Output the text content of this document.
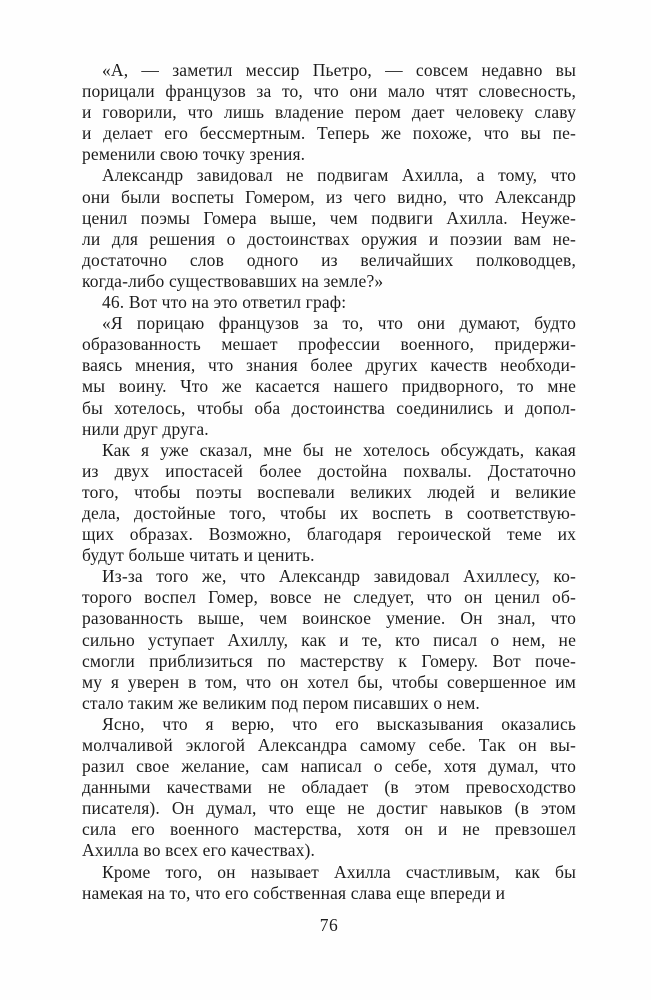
«А, — заметил мессир Пьетро, — совсем недавно вы
порицали французов за то, что они мало чтят словесность,
и говорили, что лишь владение пером дает человеку славу
и делает его бессмертным. Теперь же похоже, что вы пе-
ременили свою точку зрения.
Александр завидовал не подвигам Ахилла, а тому, что
они были воспеты Гомером, из чего видно, что Александр
ценил поэмы Гомера выше, чем подвиги Ахилла. Неуже-
ли для решения о достоинствах оружия и поэзии вам не-
достаточно слов одного из величайших полководцев,
когда-либо существовавших на земле?»
46. Вот что на это ответил граф:
«Я порицаю французов за то, что они думают, будто
образованность мешает профессии военного, придержи-
ваясь мнения, что знания более других качеств необходи-
мы воину. Что же касается нашего придворного, то мне
бы хотелось, чтобы оба достоинства соединились и допол-
нили друг друга.
Как я уже сказал, мне бы не хотелось обсуждать, какая
из двух ипостасей более достойна похвалы. Достаточно
того, чтобы поэты воспевали великих людей и великие
дела, достойные того, чтобы их воспеть в соответствую-
щих образах. Возможно, благодаря героической теме их
будут больше читать и ценить.
Из-за того же, что Александр завидовал Ахиллесу, ко-
торого воспел Гомер, вовсе не следует, что он ценил об-
разованность выше, чем воинское умение. Он знал, что
сильно уступает Ахиллу, как и те, кто писал о нем, не
смогли приблизиться по мастерству к Гомеру. Вот поче-
му я уверен в том, что он хотел бы, чтобы совершенное им
стало таким же великим под пером писавших о нем.
Ясно, что я верю, что его высказывания оказались
молчаливой эклогой Александра самому себе. Так он вы-
разил свое желание, сам написал о себе, хотя думал, что
данными качествами не обладает (в этом превосходство
писателя). Он думал, что еще не достиг навыков (в этом
сила его военного мастерства, хотя он и не превзошел
Ахилла во всех его качествах).
Кроме того, он называет Ахилла счастливым, как бы
намекая на то, что его собственная слава еще впереди и
76
